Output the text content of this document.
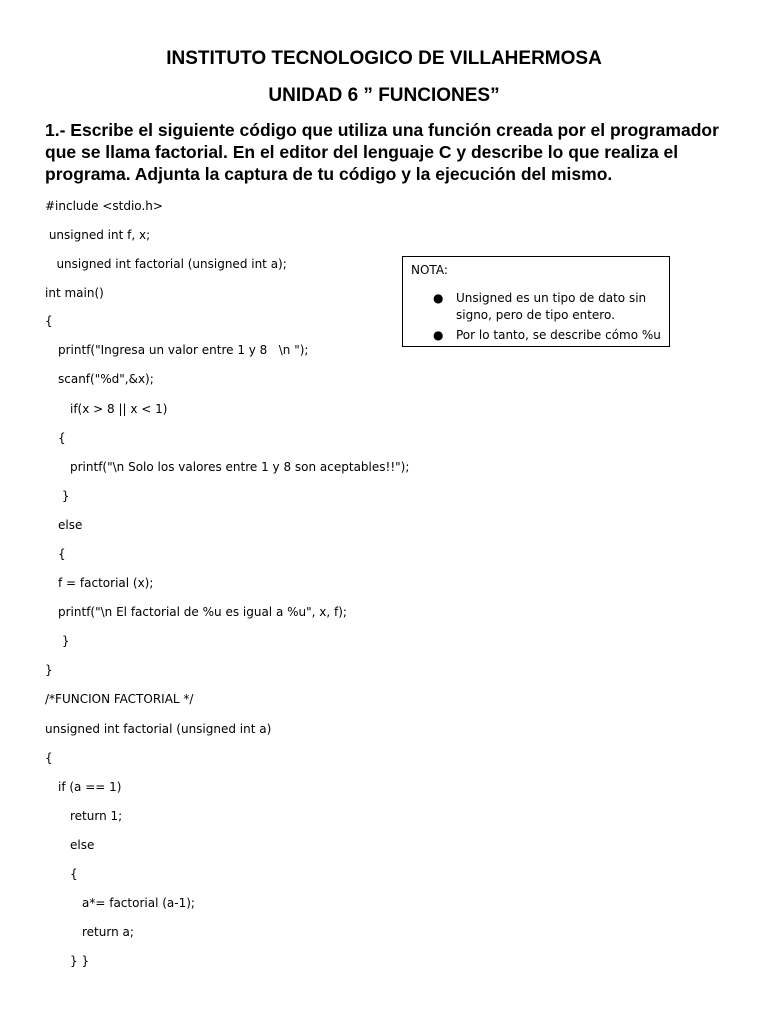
INSTITUTO TECNOLOGICO DE VILLAHERMOSA
UNIDAD 6 ” FUNCIONES”
1.- Escribe el siguiente código que utiliza una función creada por el programador que se llama factorial. En el editor del lenguaje C y describe lo que realiza el programa. Adjunta la captura de tu código y la ejecución del mismo.
#include <stdio.h>
unsigned int f, x;
unsigned int factorial (unsigned int a);
int main()
{
printf("Ingresa un valor entre 1 y 8   \n ");
scanf("%d",&x);
if(x > 8 || x < 1)
{
printf("\n Solo los valores entre 1 y 8 son aceptables!!");
}
else
{
f = factorial (x);
printf("\n El factorial de %u es igual a %u", x, f);
}
}
/*FUNCION FACTORIAL */
unsigned int factorial (unsigned int a)
{
if (a == 1)
return 1;
else
{
a*= factorial (a-1);
return a;
} }
NOTA:
● Unsigned es un tipo de dato sin signo, pero de tipo entero.
● Por lo tanto, se describe cómo %u
